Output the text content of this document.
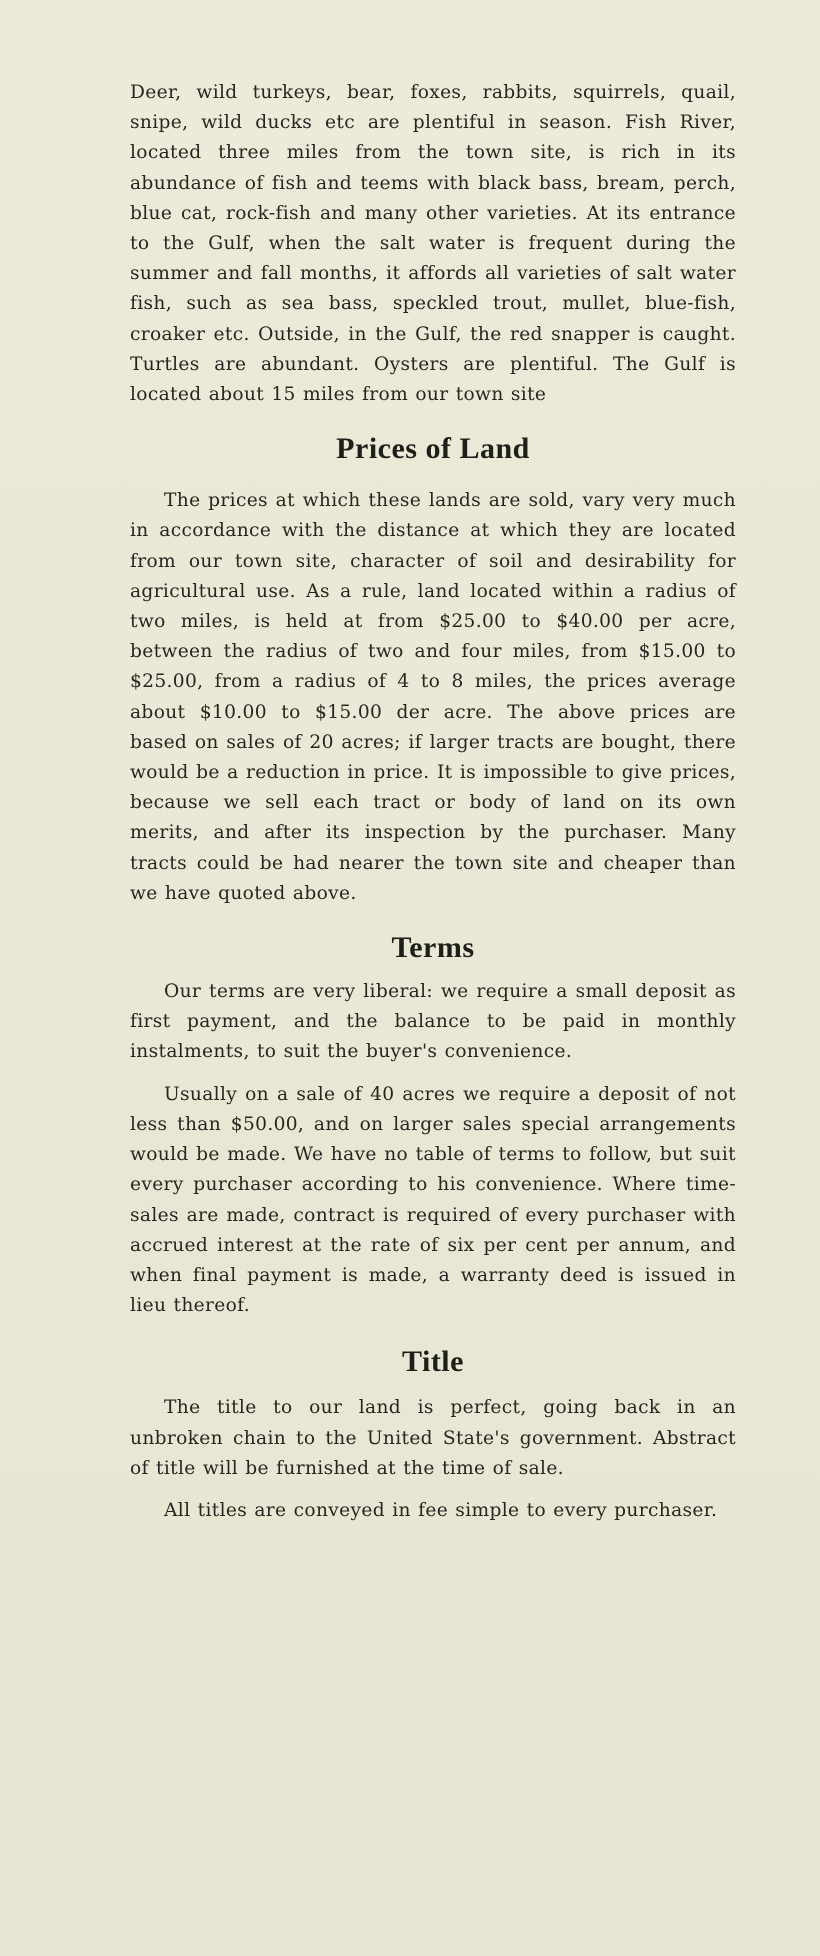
Deer, wild turkeys, bear, foxes, rabbits, squirrels, quail, snipe, wild ducks etc are plentiful in season. Fish River, located three miles from the town site, is rich in its abundance of fish and teems with black bass, bream, perch, blue cat, rock-fish and many other varieties. At its entrance to the Gulf, when the salt water is frequent during the summer and fall months, it affords all varieties of salt water fish, such as sea bass, speckled trout, mullet, blue-fish, croaker etc. Outside, in the Gulf, the red snapper is caught. Turtles are abundant. Oysters are plentiful. The Gulf is located about 15 miles from our town site

Prices of Land

The prices at which these lands are sold, vary very much in accordance with the distance at which they are located from our town site, character of soil and desirability for agricultural use. As a rule, land located within a radius of two miles, is held at from $25.00 to $40.00 per acre, between the radius of two and four miles, from $15.00 to $25.00, from a radius of 4 to 8 miles, the prices average about $10.00 to $15.00 der acre. The above prices are based on sales of 20 acres; if larger tracts are bought, there would be a reduction in price. It is impossible to give prices, because we sell each tract or body of land on its own merits, and after its inspection by the purchaser. Many tracts could be had nearer the town site and cheaper than we have quoted above.

Terms

Our terms are very liberal: we require a small deposit as first payment, and the balance to be paid in monthly instalments, to suit the buyer's convenience.

Usually on a sale of 40 acres we require a deposit of not less than $50.00, and on larger sales special arrangements would be made. We have no table of terms to follow, but suit every purchaser according to his convenience. Where time-sales are made, contract is required of every purchaser with accrued interest at the rate of six per cent per annum, and when final payment is made, a warranty deed is issued in lieu thereof.

Title

The title to our land is perfect, going back in an unbroken chain to the United State's government. Abstract of title will be furnished at the time of sale.

All titles are conveyed in fee simple to every purchaser.
